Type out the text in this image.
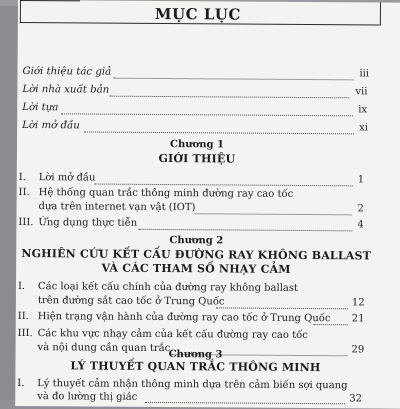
MỤC LỤC
Giới thiệu tác giả	iii
Lời nhà xuất bản	vii
Lời tựa	ix
Lời mở đầu	xi
Chương 1
GIỚI THIỆU
I. Lời mở đầu	1
II. Hệ thống quan trắc thông minh đường ray cao tốc
dựa trên internet vạn vật (IOT)	2
III. Ứng dụng thực tiễn	4
Chương 2
NGHIÊN CỨU KẾT CẤU ĐƯỜNG RAY KHÔNG BALLAST
VÀ CÁC THAM SỐ NHẠY CẢM
I. Các loại kết cấu chính của đường ray không ballast
trên đường sắt cao tốc ở Trung Quốc	12
II. Hiện trạng vận hành của đường ray cao tốc ở Trung Quốc 21
III. Các khu vực nhạy cảm của kết cấu đường ray cao tốc
và nội dung cần quan trắc	29
Chương 3
LÝ THUYẾT QUAN TRẮC THÔNG MINH
I. Lý thuyết cảm nhận thông minh dựa trên cảm biến sợi quang
và đo lường thị giác	32
